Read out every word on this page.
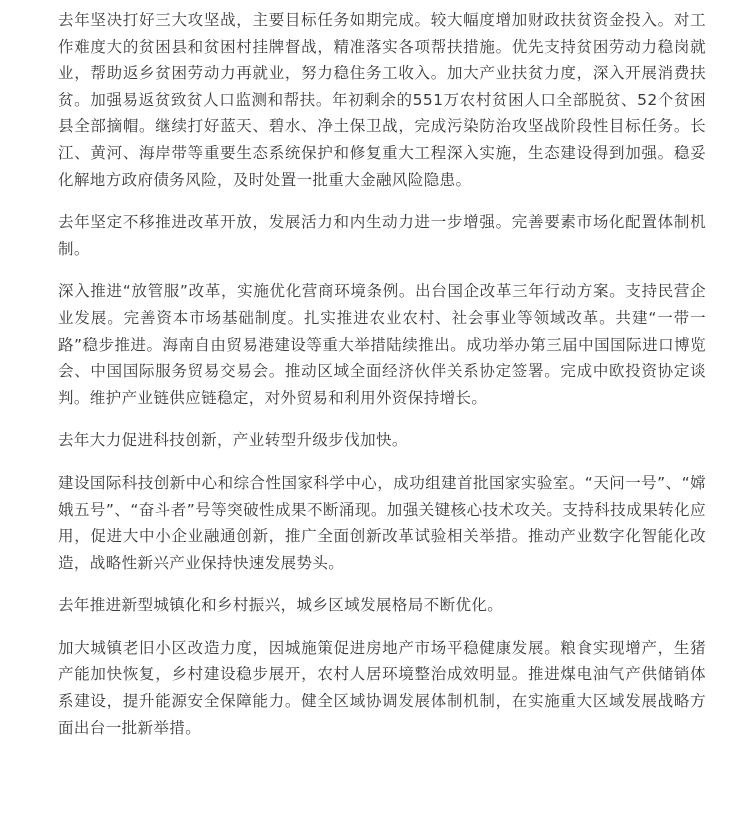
去年坚决打好三大攻坚战，主要目标任务如期完成。较大幅度增加财政扶贫资金投入。对工作难度大的贫困县和贫困村挂牌督战，精准落实各项帮扶措施。优先支持贫困劳动力稳岗就业，帮助返乡贫困劳动力再就业，努力稳住务工收入。加大产业扶贫力度，深入开展消费扶贫。加强易返贫致贫人口监测和帮扶。年初剩余的551万农村贫困人口全部脱贫、52个贫困县全部摘帽。继续打好蓝天、碧水、净土保卫战，完成污染防治攻坚战阶段性目标任务。长江、黄河、海岸带等重要生态系统保护和修复重大工程深入实施，生态建设得到加强。稳妥化解地方政府债务风险，及时处置一批重大金融风险隐患。

去年坚定不移推进改革开放，发展活力和内生动力进一步增强。完善要素市场化配置体制机制。

深入推进“放管服”改革，实施优化营商环境条例。出台国企改革三年行动方案。支持民营企业发展。完善资本市场基础制度。扎实推进农业农村、社会事业等领域改革。共建“一带一路”稳步推进。海南自由贸易港建设等重大举措陆续推出。成功举办第三届中国国际进口博览会、中国国际服务贸易交易会。推动区域全面经济伙伴关系协定签署。完成中欧投资协定谈判。维护产业链供应链稳定，对外贸易和利用外资保持增长。

去年大力促进科技创新，产业转型升级步伐加快。

建设国际科技创新中心和综合性国家科学中心，成功组建首批国家实验室。“天问一号”、“嫦娥五号”、“奋斗者”号等突破性成果不断涌现。加强关键核心技术攻关。支持科技成果转化应用，促进大中小企业融通创新，推广全面创新改革试验相关举措。推动产业数字化智能化改造，战略性新兴产业保持快速发展势头。

去年推进新型城镇化和乡村振兴，城乡区域发展格局不断优化。

加大城镇老旧小区改造力度，因城施策促进房地产市场平稳健康发展。粮食实现增产，生猪产能加快恢复，乡村建设稳步展开，农村人居环境整治成效明显。推进煤电油气产供储销体系建设，提升能源安全保障能力。健全区域协调发展体制机制，在实施重大区域发展战略方面出台一批新举措。
